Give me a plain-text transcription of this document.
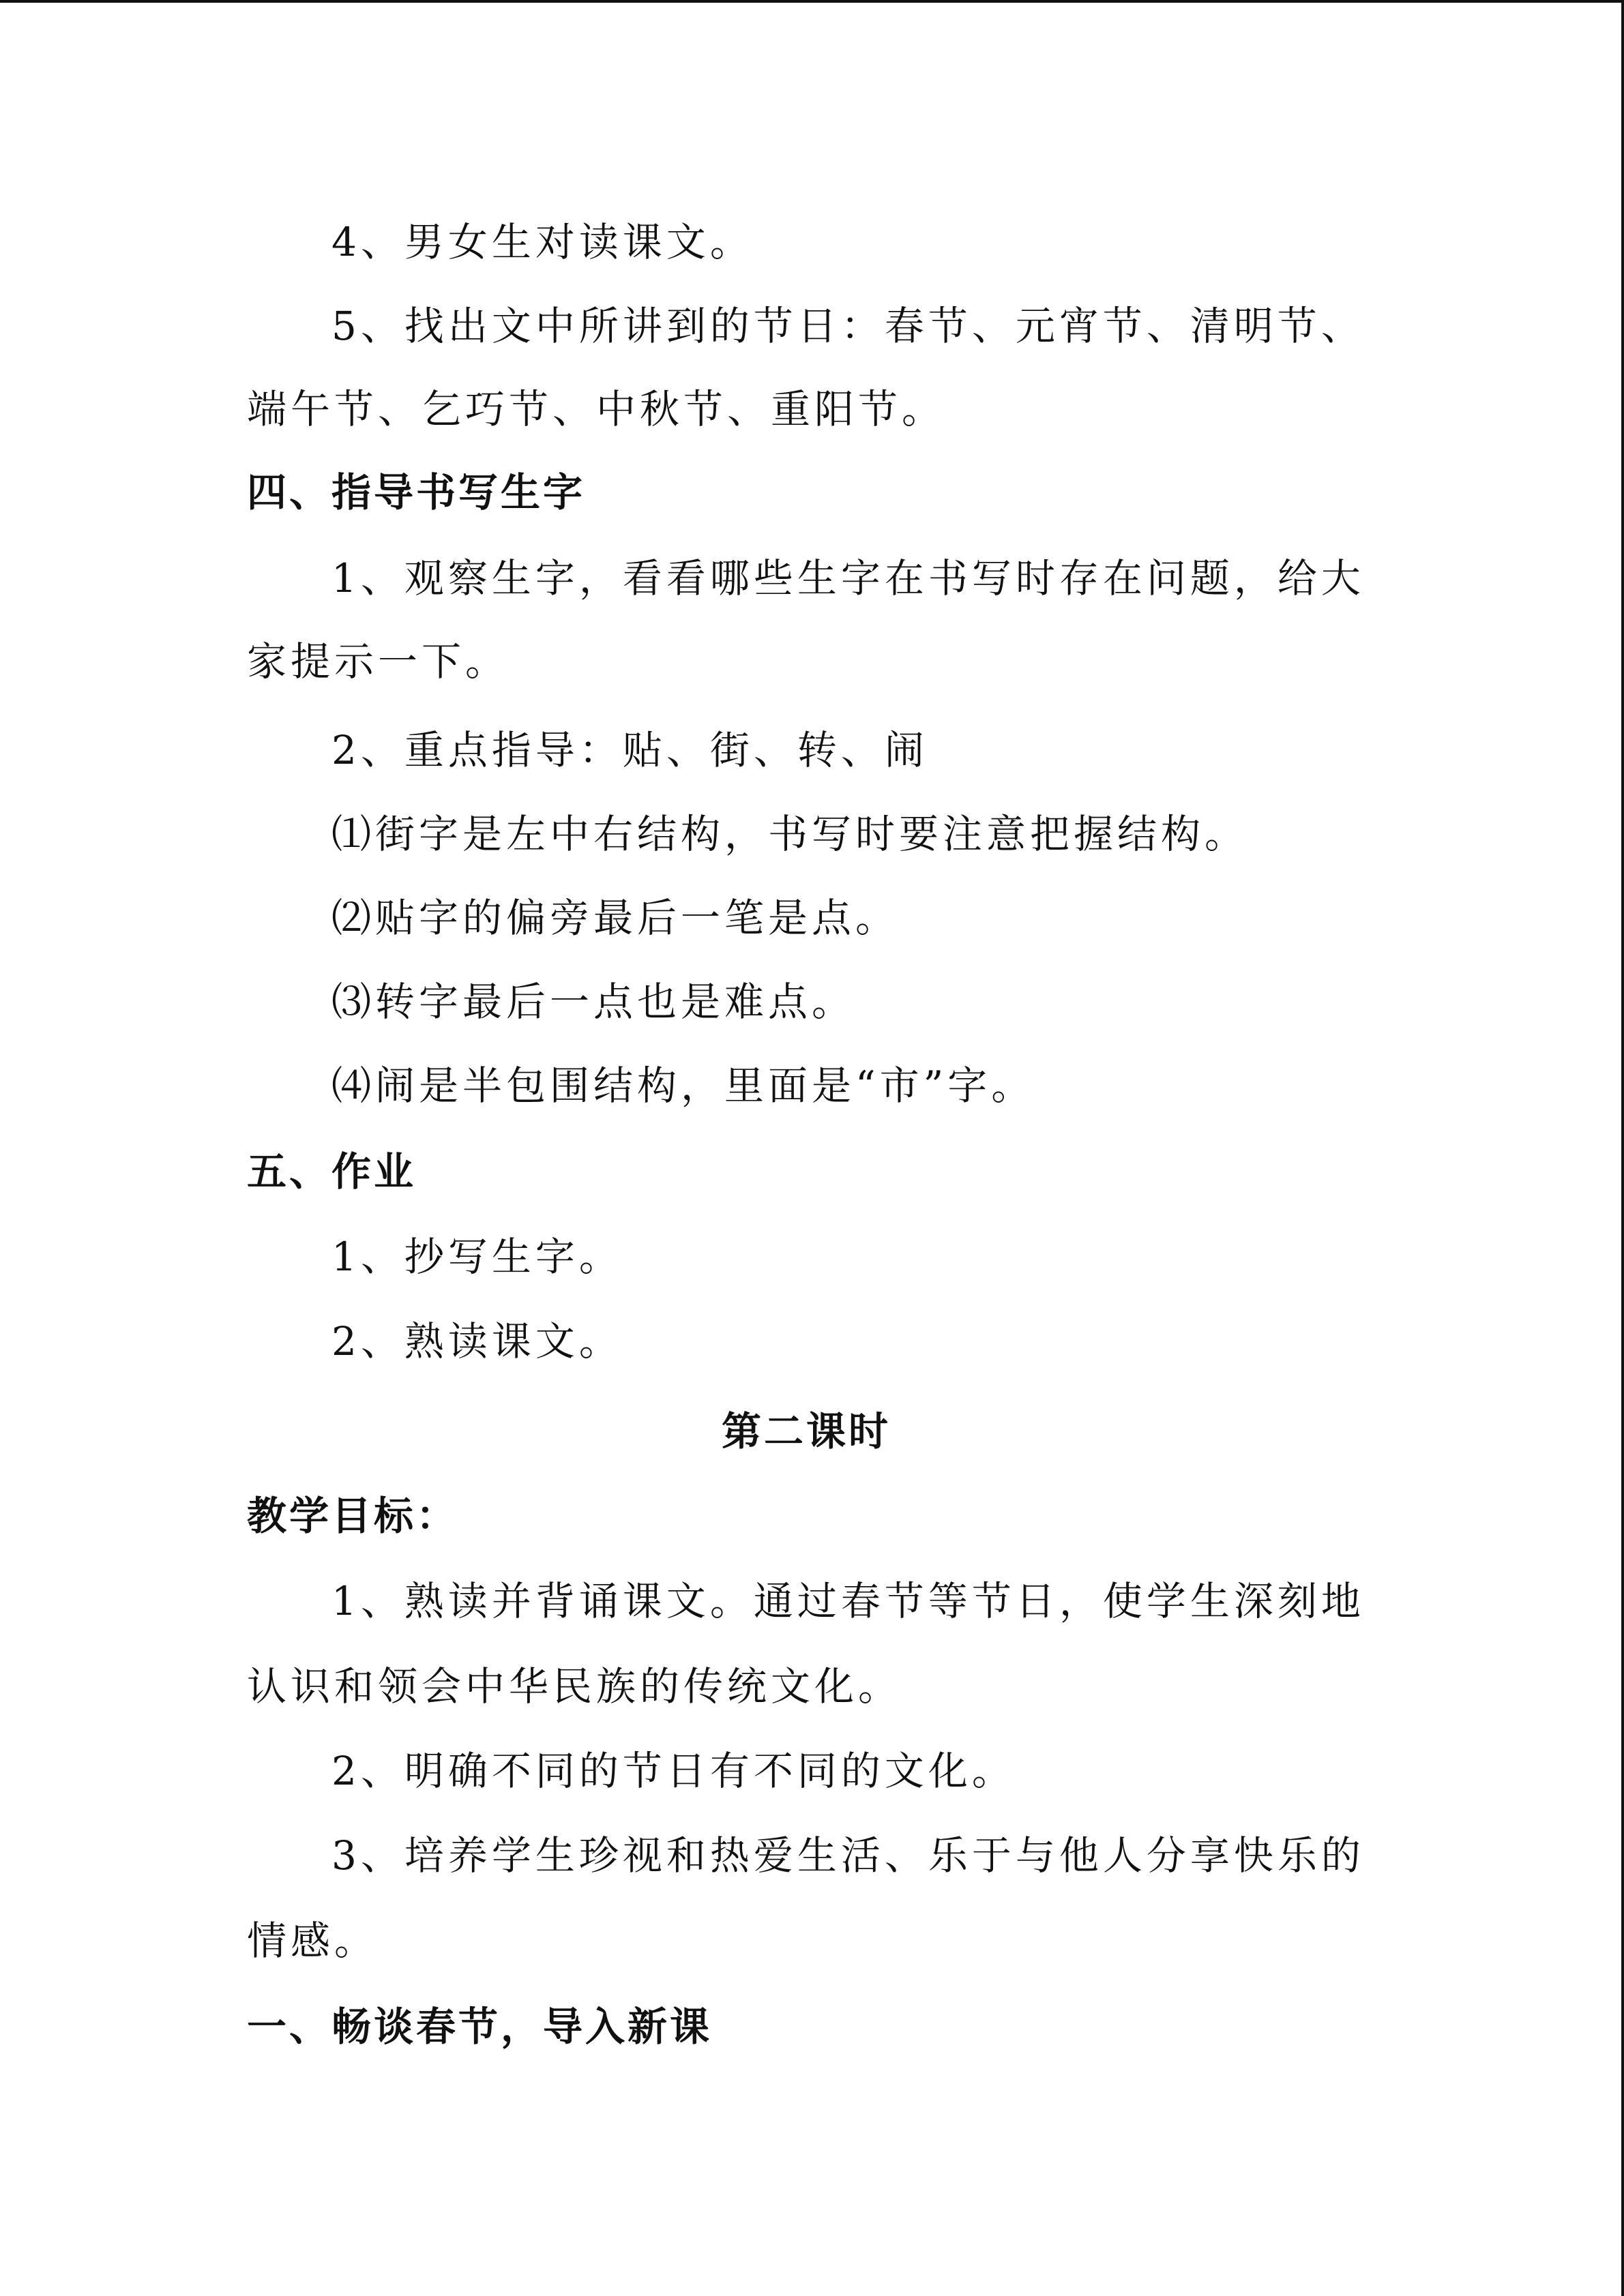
4、男女生对读课文。
5、找出文中所讲到的节日：春节、元宵节、清明节、
端午节、乞巧节、中秋节、重阳节。
四、指导书写生字
1、观察生字，看看哪些生字在书写时存在问题，给大
家提示一下。
2、重点指导：贴、街、转、闹
⑴街字是左中右结构，书写时要注意把握结构。
⑵贴字的偏旁最后一笔是点。
⑶转字最后一点也是难点。
⑷闹是半包围结构，里面是“市”字。
五、作业
1、抄写生字。
2、熟读课文。
第二课时
教学目标：
1、熟读并背诵课文。通过春节等节日，使学生深刻地
认识和领会中华民族的传统文化。
2、明确不同的节日有不同的文化。
3、培养学生珍视和热爱生活、乐于与他人分享快乐的
情感。
一、畅谈春节，导入新课
